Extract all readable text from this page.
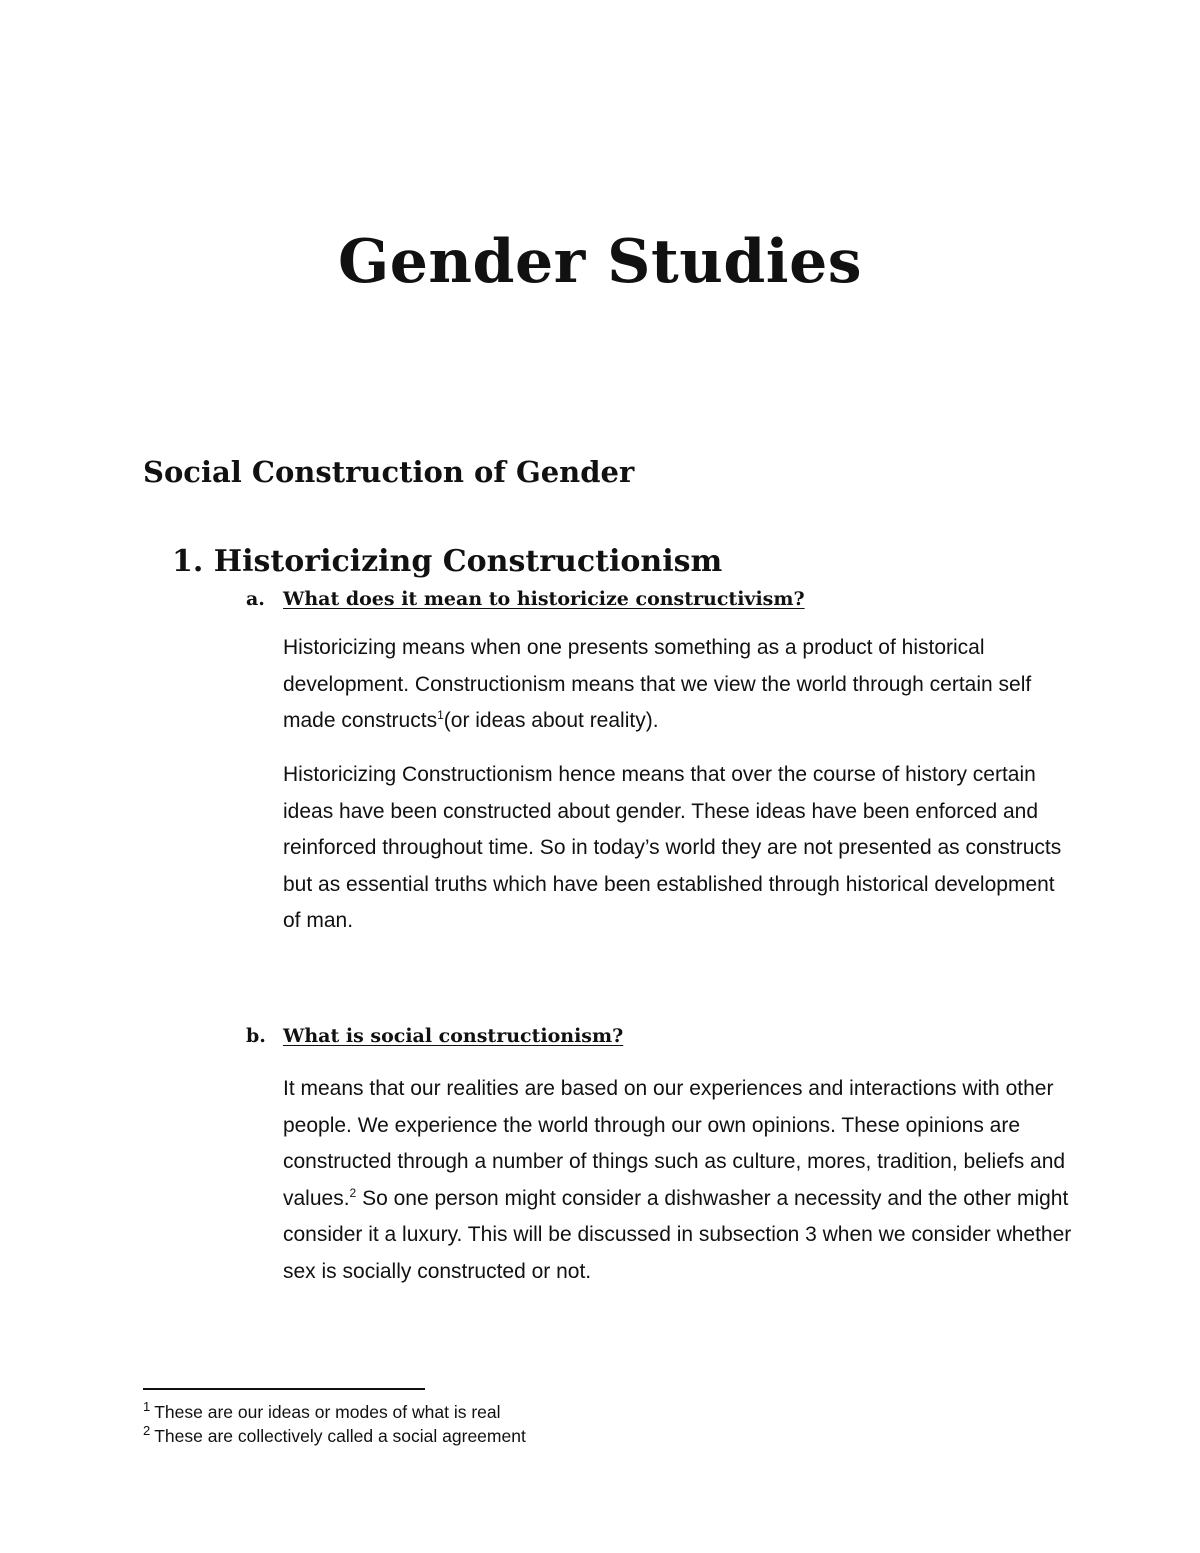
Gender Studies
Social Construction of Gender
1. Historicizing Constructionism
a. What does it mean to historicize constructivism?

Historicizing means when one presents something as a product of historical development. Constructionism means that we view the world through certain self made constructs$^1$(or ideas about reality).

Historicizing Constructionism hence means that over the course of history certain ideas have been constructed about gender. These ideas have been enforced and reinforced throughout time. So in today’s world they are not presented as constructs but as essential truths which have been established through historical development of man.

b. What is social constructionism?

It means that our realities are based on our experiences and interactions with other people. We experience the world through our own opinions. These opinions are constructed through a number of things such as culture, mores, tradition, beliefs and values.$^2$ So one person might consider a dishwasher a necessity and the other might consider it a luxury. This will be discussed in subsection 3 when we consider whether sex is socially constructed or not.

$^1$ These are our ideas or modes of what is real

$^2$ These are collectively called a social agreement
